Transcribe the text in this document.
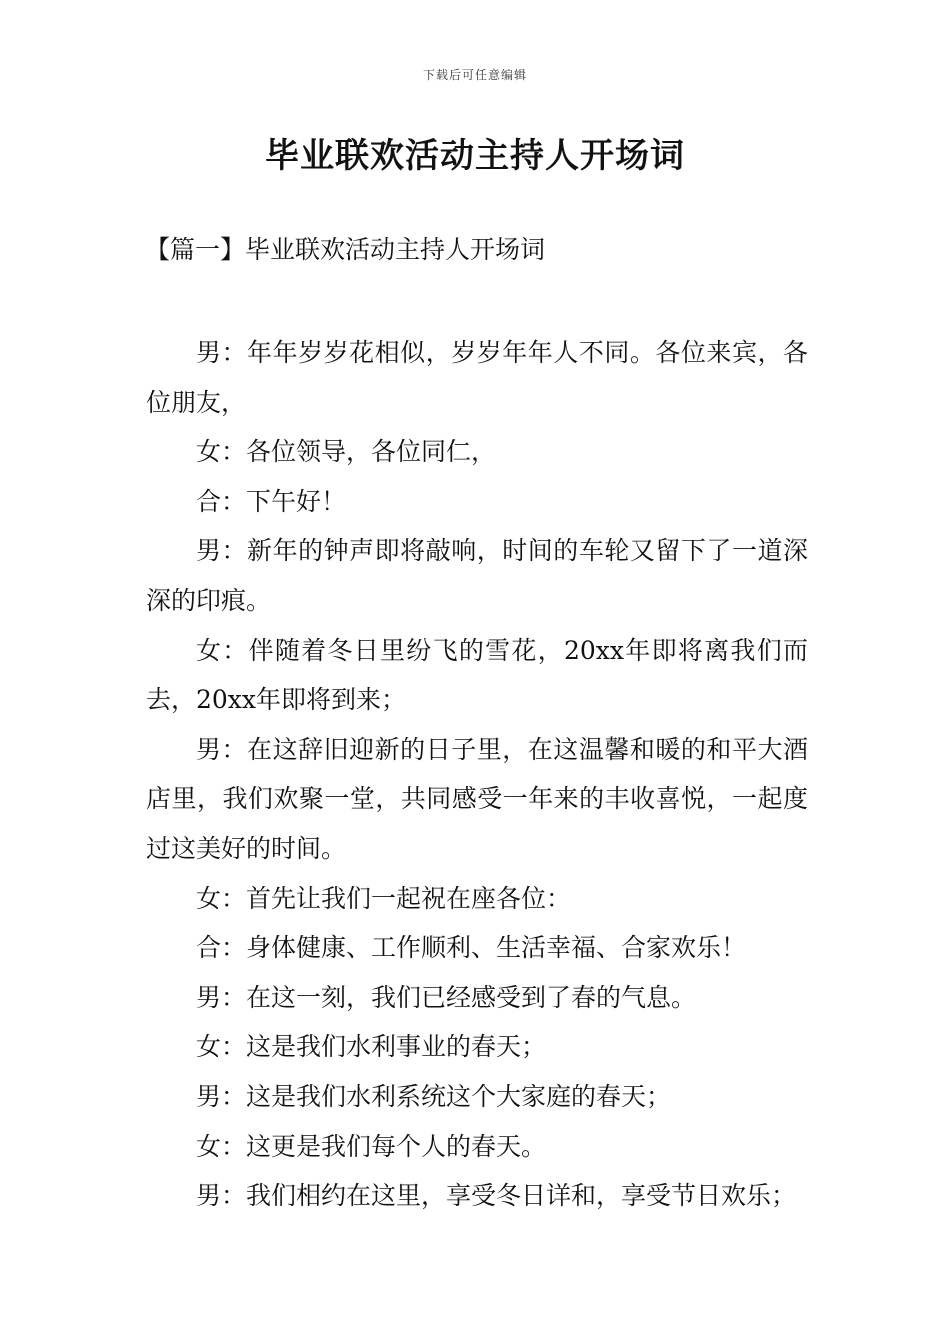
下载后可任意编辑
毕业联欢活动主持人开场词
【篇一】毕业联欢活动主持人开场词

男：年年岁岁花相似，岁岁年年人不同。各位来宾，各位朋友，

女：各位领导，各位同仁，

合：下午好！

男：新年的钟声即将敲响，时间的车轮又留下了一道深深的印痕。

女：伴随着冬日里纷飞的雪花，20xx年即将离我们而去，20xx年即将到来；

男：在这辞旧迎新的日子里，在这温馨和暖的和平大酒店里，我们欢聚一堂，共同感受一年来的丰收喜悦，一起度过这美好的时间。

女：首先让我们一起祝在座各位：

合：身体健康、工作顺利、生活幸福、合家欢乐！

男：在这一刻，我们已经感受到了春的气息。

女：这是我们水利事业的春天；

男：这是我们水利系统这个大家庭的春天；

女：这更是我们每个人的春天。

男：我们相约在这里，享受冬日详和，享受节日欢乐；
